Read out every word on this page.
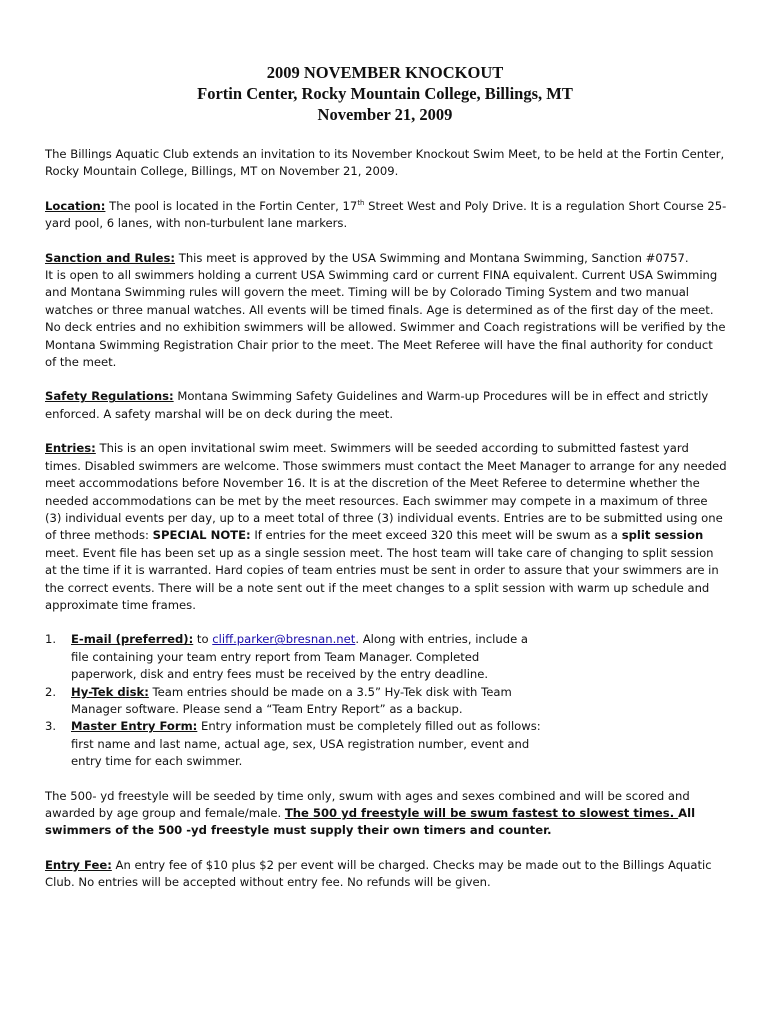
2009 NOVEMBER KNOCKOUT
Fortin Center, Rocky Mountain College, Billings, MT
November 21, 2009

The Billings Aquatic Club extends an invitation to its November Knockout Swim Meet, to be held at the Fortin Center, Rocky Mountain College, Billings, MT on November 21, 2009.

Location: The pool is located in the Fortin Center, 17th Street West and Poly Drive. It is a regulation Short Course 25-yard pool, 6 lanes, with non-turbulent lane markers.

Sanction and Rules: This meet is approved by the USA Swimming and Montana Swimming, Sanction #0757.It is open to all swimmers holding a current USA Swimming card or current FINA equivalent. Current USA Swimming and Montana Swimming rules will govern the meet. Timing will be by Colorado Timing System and two manual watches or three manual watches. All events will be timed finals. Age is determined as of the first day of the meet. No deck entries and no exhibition swimmers will be allowed. Swimmer and Coach registrations will be verified by the Montana Swimming Registration Chair prior to the meet. The Meet Referee will have the final authority for conduct of the meet.

Safety Regulations: Montana Swimming Safety Guidelines and Warm-up Procedures will be in effect and strictly enforced. A safety marshal will be on deck during the meet.

Entries: This is an open invitational swim meet. Swimmers will be seeded according to submitted fastest yard times. Disabled swimmers are welcome. Those swimmers must contact the Meet Manager to arrange for any needed meet accommodations before November 16. It is at the discretion of the Meet Referee to determine whether the needed accommodations can be met by the meet resources. Each swimmer may compete in a maximum of three (3) individual events per day, up to a meet total of three (3) individual events. Entries are to be submitted using one of three methods: SPECIAL NOTE: If entries for the meet exceed 320 this meet will be swum as a split session meet. Event file has been set up as a single session meet. The host team will take care of changing to split session at the time if it is warranted. Hard copies of team entries must be sent in order to assure that your swimmers are in the correct events. There will be a note sent out if the meet changes to a split session with warm up schedule and approximate time frames.

1. E-mail (preferred): to cliff.parker@bresnan.net. Along with entries, include a file containing your team entry report from Team Manager. Completed paperwork, disk and entry fees must be received by the entry deadline.
2. Hy-Tek disk: Team entries should be made on a 3.5” Hy-Tek disk with Team Manager software. Please send a “Team Entry Report” as a backup.
3. Master Entry Form: Entry information must be completely filled out as follows: first name and last name, actual age, sex, USA registration number, event and entry time for each swimmer.

The 500- yd freestyle will be seeded by time only, swum with ages and sexes combined and will be scored and awarded by age group and female/male. The 500 yd freestyle will be swum fastest to slowest times. All swimmers of the 500 -yd freestyle must supply their own timers and counter.

Entry Fee: An entry fee of $10 plus $2 per event will be charged. Checks may be made out to the Billings Aquatic Club. No entries will be accepted without entry fee. No refunds will be given.
